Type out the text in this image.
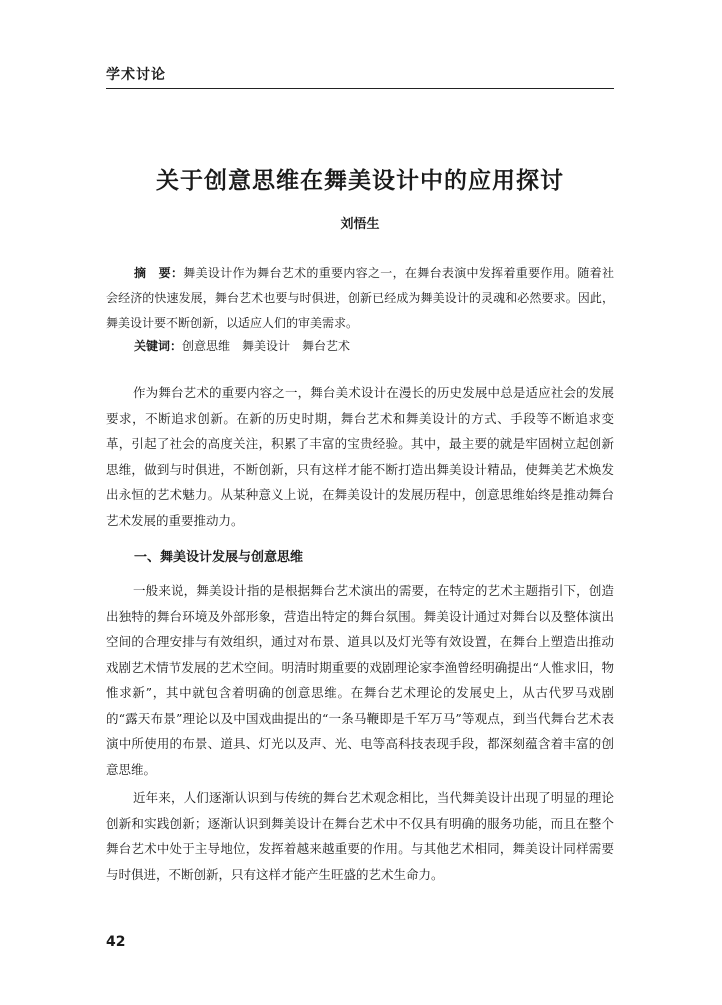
学术讨论
关于创意思维在舞美设计中的应用探讨
刘悟生
摘　要：舞美设计作为舞台艺术的重要内容之一，在舞台表演中发挥着重要作用。随着社会经济的快速发展，舞台艺术也要与时俱进，创新已经成为舞美设计的灵魂和必然要求。因此，舞美设计要不断创新，以适应人们的审美需求。
关键词：创意思维　舞美设计　舞台艺术

作为舞台艺术的重要内容之一，舞台美术设计在漫长的历史发展中总是适应社会的发展要求，不断追求创新。在新的历史时期，舞台艺术和舞美设计的方式、手段等不断追求变革，引起了社会的高度关注，积累了丰富的宝贵经验。其中，最主要的就是牢固树立起创新思维，做到与时俱进，不断创新，只有这样才能不断打造出舞美设计精品，使舞美艺术焕发出永恒的艺术魅力。从某种意义上说，在舞美设计的发展历程中，创意思维始终是推动舞台艺术发展的重要推动力。

一、舞美设计发展与创意思维

一般来说，舞美设计指的是根据舞台艺术演出的需要，在特定的艺术主题指引下，创造出独特的舞台环境及外部形象，营造出特定的舞台氛围。舞美设计通过对舞台以及整体演出空间的合理安排与有效组织，通过对布景、道具以及灯光等有效设置，在舞台上塑造出推动戏剧艺术情节发展的艺术空间。明清时期重要的戏剧理论家李渔曾经明确提出“人惟求旧，物惟求新”，其中就包含着明确的创意思维。在舞台艺术理论的发展史上，从古代罗马戏剧的“露天布景”理论以及中国戏曲提出的“一条马鞭即是千军万马”等观点，到当代舞台艺术表演中所使用的布景、道具、灯光以及声、光、电等高科技表现手段，都深刻蕴含着丰富的创意思维。

近年来，人们逐渐认识到与传统的舞台艺术观念相比，当代舞美设计出现了明显的理论创新和实践创新；逐渐认识到舞美设计在舞台艺术中不仅具有明确的服务功能，而且在整个舞台艺术中处于主导地位，发挥着越来越重要的作用。与其他艺术相同，舞美设计同样需要与时俱进，不断创新，只有这样才能产生旺盛的艺术生命力。

42
